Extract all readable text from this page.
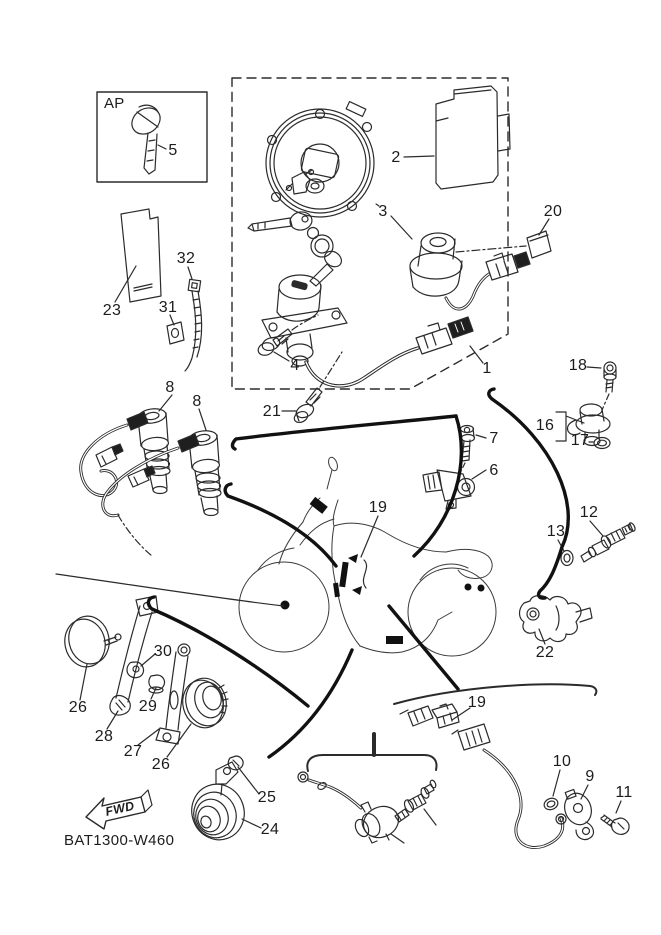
AP
5	2
3	20
4	1
21
32
31
23
8
8
18
16
17
7
6
19	12
13
22
30
26	29
28
27
26
25
24
19
10
9
11
FWD
BAT1300-W460
